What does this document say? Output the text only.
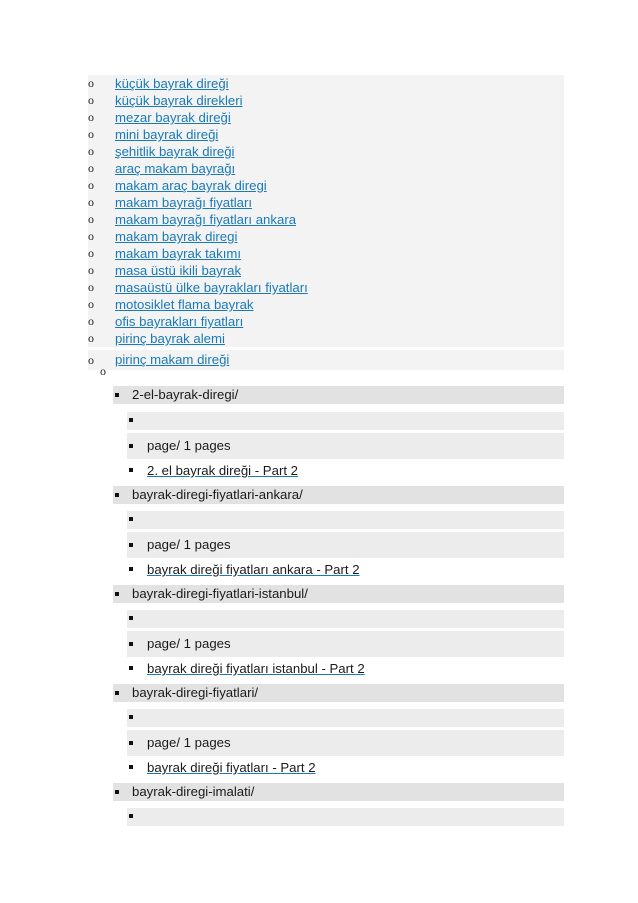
o	küçük bayrak direği
o	küçük bayrak direkleri
o	mezar bayrak direği
o	mini bayrak direği
o	şehitlik bayrak direği
o	araç makam bayrağı
o	makam araç bayrak diregi
o	makam bayrağı fiyatları
o	makam bayrağı fiyatları ankara
o	makam bayrak diregi
o	makam bayrak takımı
o	masa üstü ikili bayrak
o	masaüstü ülke bayrakları fiyatları
o	motosiklet flama bayrak
o	ofis bayrakları fiyatları
o	pirinç bayrak alemi
o	pirinç makam direği
o
2-el-bayrak-diregi/
page/ 1 pages
2. el bayrak direği - Part 2
bayrak-diregi-fiyatlari-ankara/
page/ 1 pages
bayrak direği fiyatları ankara - Part 2
bayrak-diregi-fiyatlari-istanbul/
page/ 1 pages
bayrak direği fiyatları istanbul - Part 2
bayrak-diregi-fiyatlari/
page/ 1 pages
bayrak direği fiyatları - Part 2
bayrak-diregi-imalati/
